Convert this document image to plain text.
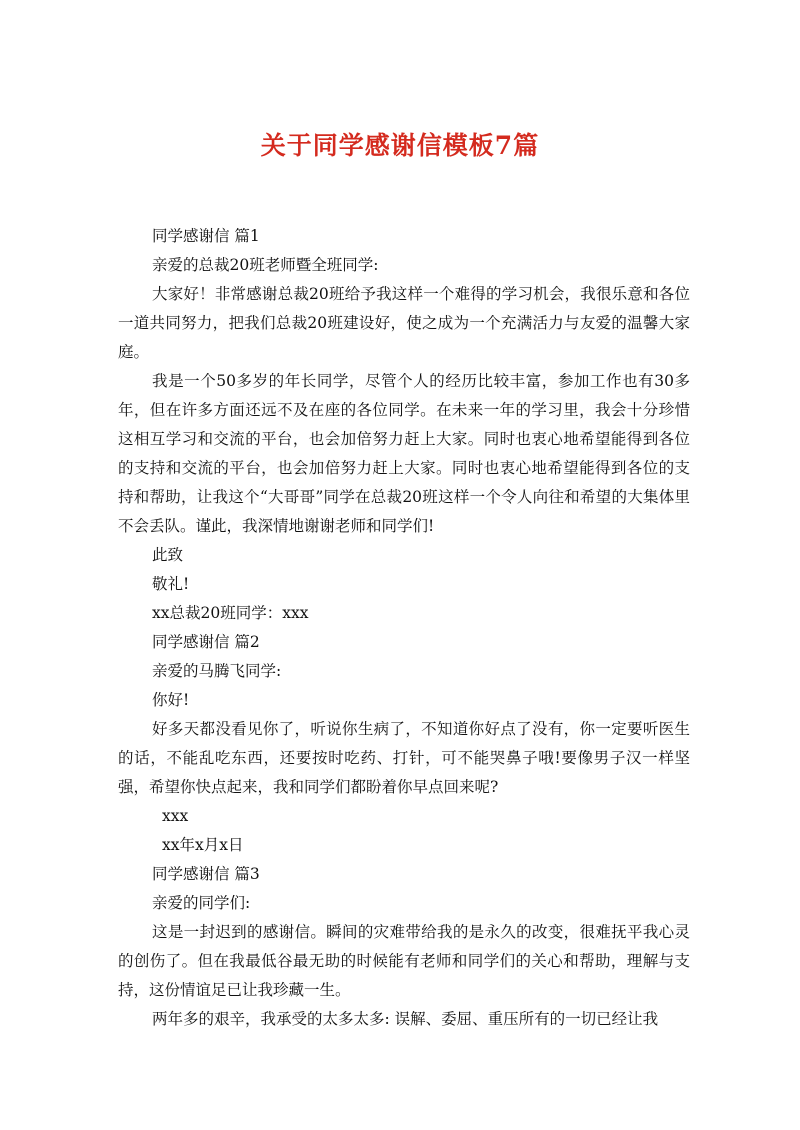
关于同学感谢信模板7篇

同学感谢信 篇1

亲爱的总裁20班老师暨全班同学:

大家好！非常感谢总裁20班给予我这样一个难得的学习机会，我很乐意和各位一道共同努力，把我们总裁20班建设好，使之成为一个充满活力与友爱的温馨大家庭。

我是一个50多岁的年长同学，尽管个人的经历比较丰富，参加工作也有30多年，但在许多方面还远不及在座的各位同学。在未来一年的学习里，我会十分珍惜这相互学习和交流的平台，也会加倍努力赶上大家。同时也衷心地希望能得到各位的支持和交流的平台，也会加倍努力赶上大家。同时也衷心地希望能得到各位的支持和帮助，让我这个“大哥哥”同学在总裁20班这样一个令人向往和希望的大集体里不会丢队。谨此，我深情地谢谢老师和同学们!

此致

敬礼!

xx总裁20班同学：xxx

同学感谢信 篇2

亲爱的马腾飞同学:

你好!

好多天都没看见你了，听说你生病了，不知道你好点了没有，你一定要听医生的话，不能乱吃东西，还要按时吃药、打针，可不能哭鼻子哦!要像男子汉一样坚强，希望你快点起来，我和同学们都盼着你早点回来呢?

xxx

xx年x月x日

同学感谢信 篇3

亲爱的同学们:

这是一封迟到的感谢信。瞬间的灾难带给我的是永久的改变，很难抚平我心灵的创伤了。但在我最低谷最无助的时候能有老师和同学们的关心和帮助，理解与支持，这份情谊足已让我珍藏一生。

两年多的艰辛，我承受的太多太多: 误解、委屈、重压所有的一切已经让我
